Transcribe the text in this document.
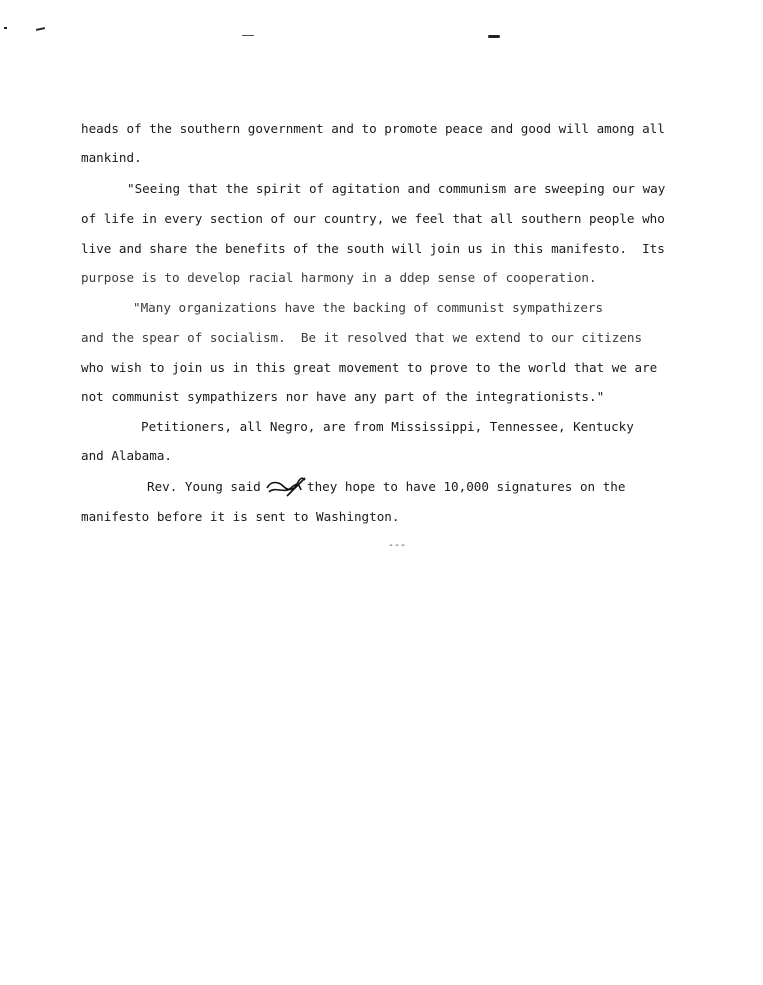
heads of the southern government and to promote peace and good will among all
mankind.
"Seeing that the spirit of agitation and communism are sweeping our way
of life in every section of our country, we feel that all southern people who
live and share the benefits of the south will join us in this manifesto.  Its
purpose is to develop racial harmony in a ddep sense of cooperation.
"Many organizations have the backing of communist sympathizers
and the spear of socialism.  Be it resolved that we extend to our citizens
who wish to join us in this great movement to prove to the world that we are
not communist sympathizers nor have any part of the integrationists."
Petitioners, all Negro, are from Mississippi, Tennessee, Kentucky
and Alabama.
Rev. Young said	they hope to have 10,000 signatures on the
manifesto before it is sent to Washington.
---
